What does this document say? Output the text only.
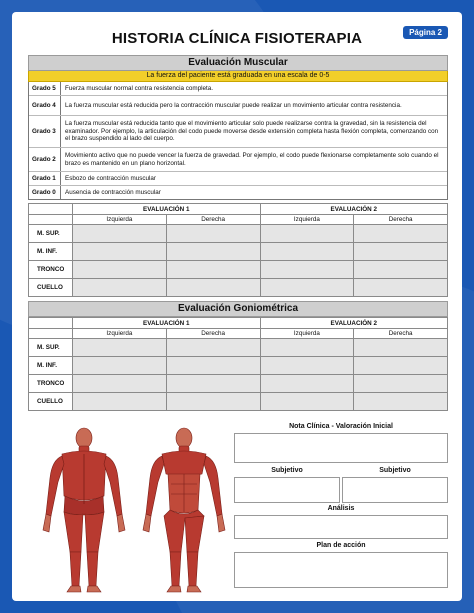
HISTORIA CLÍNICA FISIOTERAPIA	Página 2
Evaluación Muscular
La fuerza del paciente está graduada en una escala de 0-5
Grado 5	Fuerza muscular normal contra resistencia completa.
Grado 4	La fuerza muscular está reducida pero la contracción muscular puede realizar un movimiento articular contra resistencia.
Grado 3
La fuerza muscular está reducida tanto que el movimiento articular solo puede realizarse contra la gravedad, sin la resistencia del examinador. Por ejemplo, la articulación del codo puede moverse desde extensión completa hasta flexión completa, comenzando con el brazo suspendido al lado del cuerpo.
Grado 2
Movimiento activo que no puede vencer la fuerza de gravedad. Por ejemplo, el codo puede flexionarse completamente solo cuando el brazo es mantenido en un plano horizontal.
Grado 1	Esbozo de contracción muscular
Grado 0	Ausencia de contracción muscular
	EVALUACIÓN 1		EVALUACIÓN 2	
	Izquierda	Derecha	Izquierda	Derecha
M. SUP.				
M. INF.				
TRONCO				
CUELLO				
Evaluación Goniométrica
	EVALUACIÓN 1		EVALUACIÓN 2	
	Izquierda	Derecha	Izquierda	Derecha
M. SUP.				
M. INF.				
TRONCO				
CUELLO				
Nota Clínica - Valoración Inicial
Subjetivo	Subjetivo
Análisis
Plan de acción
